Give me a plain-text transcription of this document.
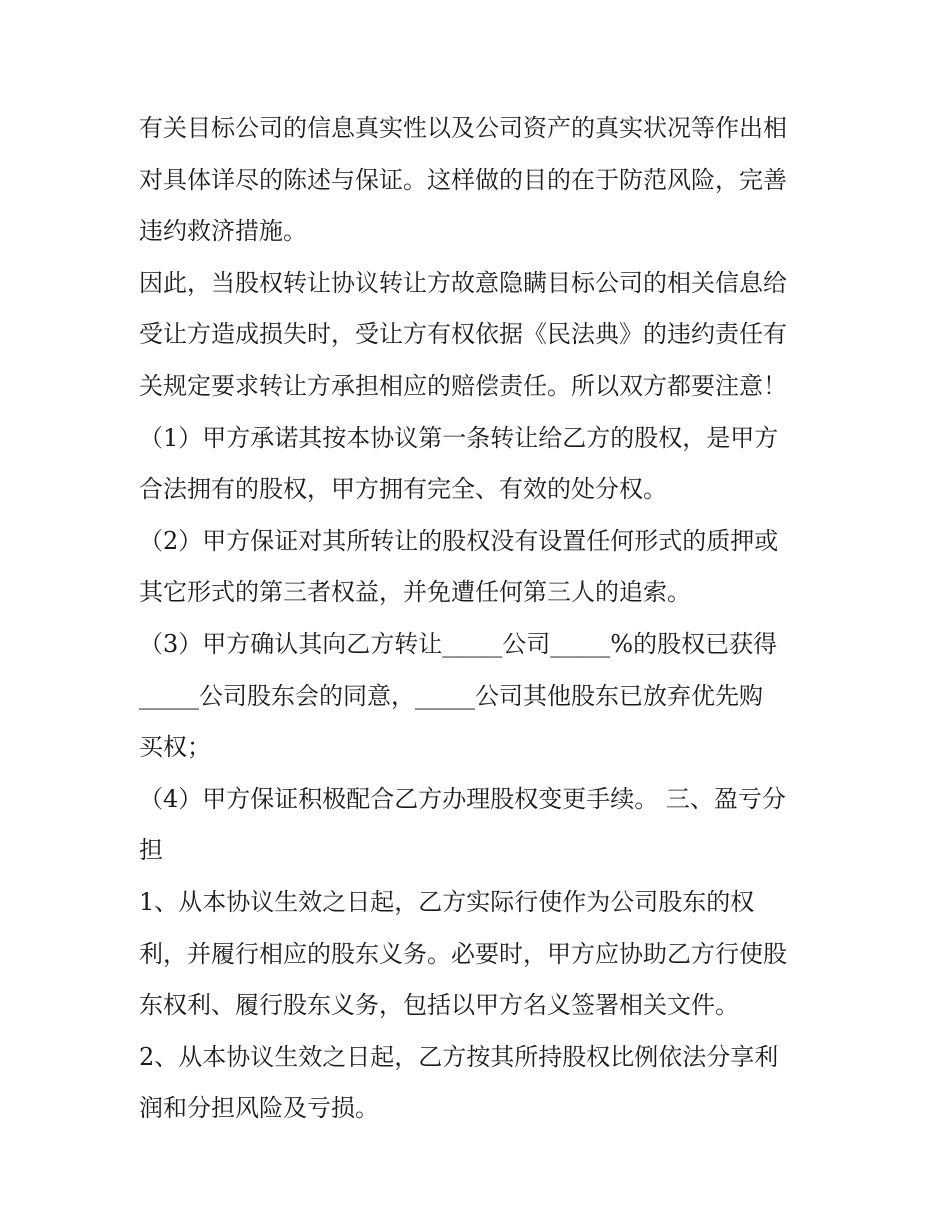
有关目标公司的信息真实性以及公司资产的真实状况等作出相
对具体详尽的陈述与保证。这样做的目的在于防范风险，完善
违约救济措施。

因此，当股权转让协议转让方故意隐瞒目标公司的相关信息给
受让方造成损失时，受让方有权依据《民法典》的违约责任有
关规定要求转让方承担相应的赔偿责任。所以双方都要注意！

（1）甲方承诺其按本协议第一条转让给乙方的股权，是甲方
合法拥有的股权，甲方拥有完全、有效的处分权。

（2）甲方保证对其所转让的股权没有设置任何形式的质押或
其它形式的第三者权益，并免遭任何第三人的追索。

（3）甲方确认其向乙方转让_____公司_____%的股权已获得
_____公司股东会的同意，_____公司其他股东已放弃优先购
买权；

（4）甲方保证积极配合乙方办理股权变更手续。 三、盈亏分
担

1、从本协议生效之日起，乙方实际行使作为公司股东的权
利，并履行相应的股东义务。必要时，甲方应协助乙方行使股
东权利、履行股东义务，包括以甲方名义签署相关文件。

2、从本协议生效之日起，乙方按其所持股权比例依法分享利
润和分担风险及亏损。
